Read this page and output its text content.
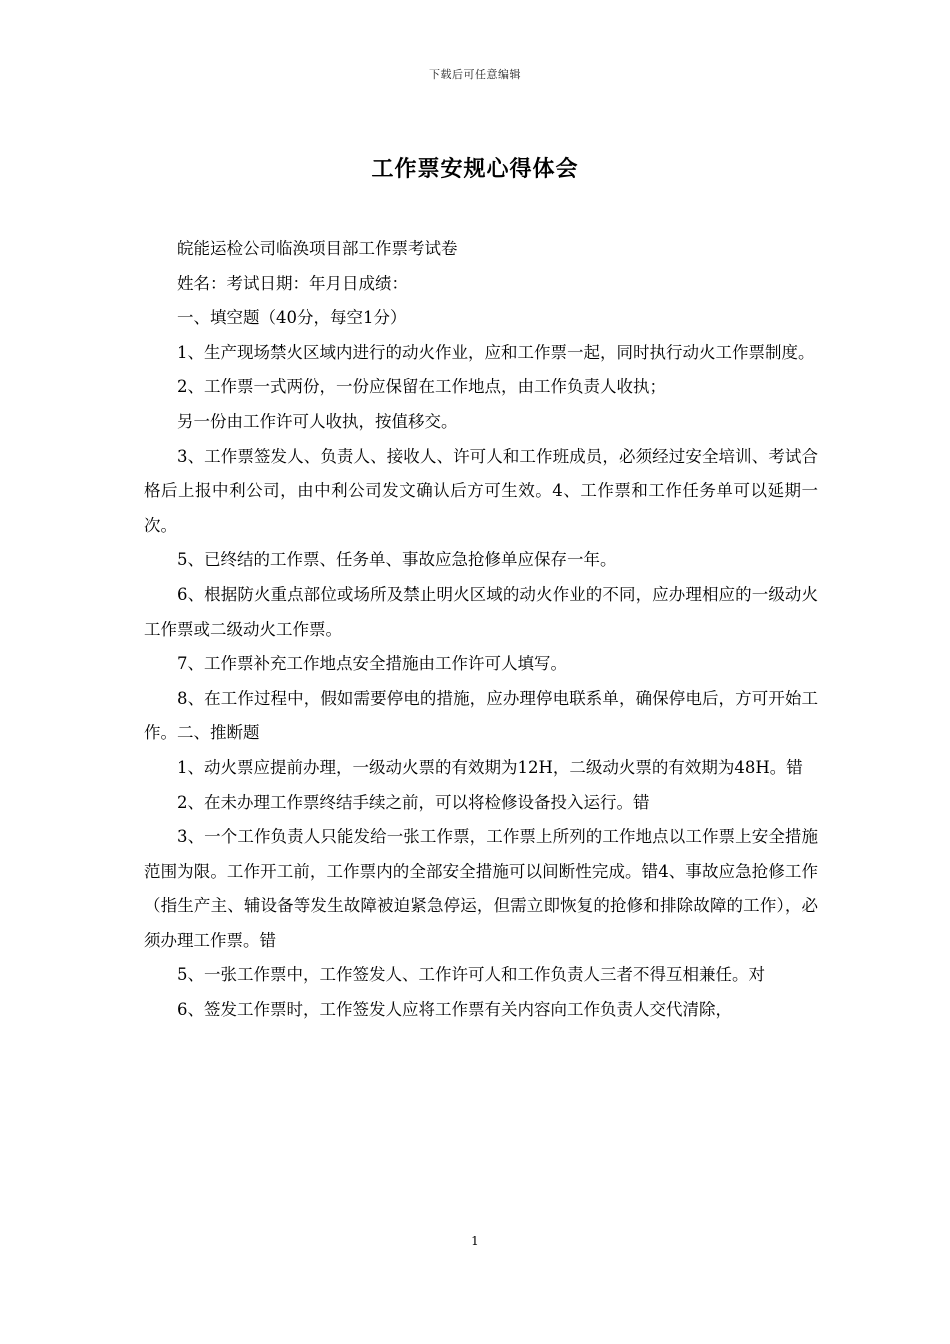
下载后可任意编辑
工作票安规心得体会

皖能运检公司临涣项目部工作票考试卷

姓名：考试日期：年月日成绩：

一、填空题（40分，每空1分）

1、生产现场禁火区域内进行的动火作业，应和工作票一起，同时执行动火工作票制度。

2、工作票一式两份，一份应保留在工作地点，由工作负责人收执；

另一份由工作许可人收执，按值移交。

3、工作票签发人、负责人、接收人、许可人和工作班成员，必须经过安全培训、考试合格后上报中利公司，由中利公司发文确认后方可生效。4、工作票和工作任务单可以延期一次。

5、已终结的工作票、任务单、事故应急抢修单应保存一年。

6、根据防火重点部位或场所及禁止明火区域的动火作业的不同，应办理相应的一级动火工作票或二级动火工作票。

7、工作票补充工作地点安全措施由工作许可人填写。

8、在工作过程中，假如需要停电的措施，应办理停电联系单，确保停电后，方可开始工作。二、推断题

1、动火票应提前办理，一级动火票的有效期为12H，二级动火票的有效期为48H。错

2、在未办理工作票终结手续之前，可以将检修设备投入运行。错

3、一个工作负责人只能发给一张工作票，工作票上所列的工作地点以工作票上安全措施范围为限。工作开工前，工作票内的全部安全措施可以间断性完成。错4、事故应急抢修工作（指生产主、辅设备等发生故障被迫紧急停运，但需立即恢复的抢修和排除故障的工作），必须办理工作票。错

5、一张工作票中，工作签发人、工作许可人和工作负责人三者不得互相兼任。对

6、签发工作票时，工作签发人应将工作票有关内容向工作负责人交代清除，

1
